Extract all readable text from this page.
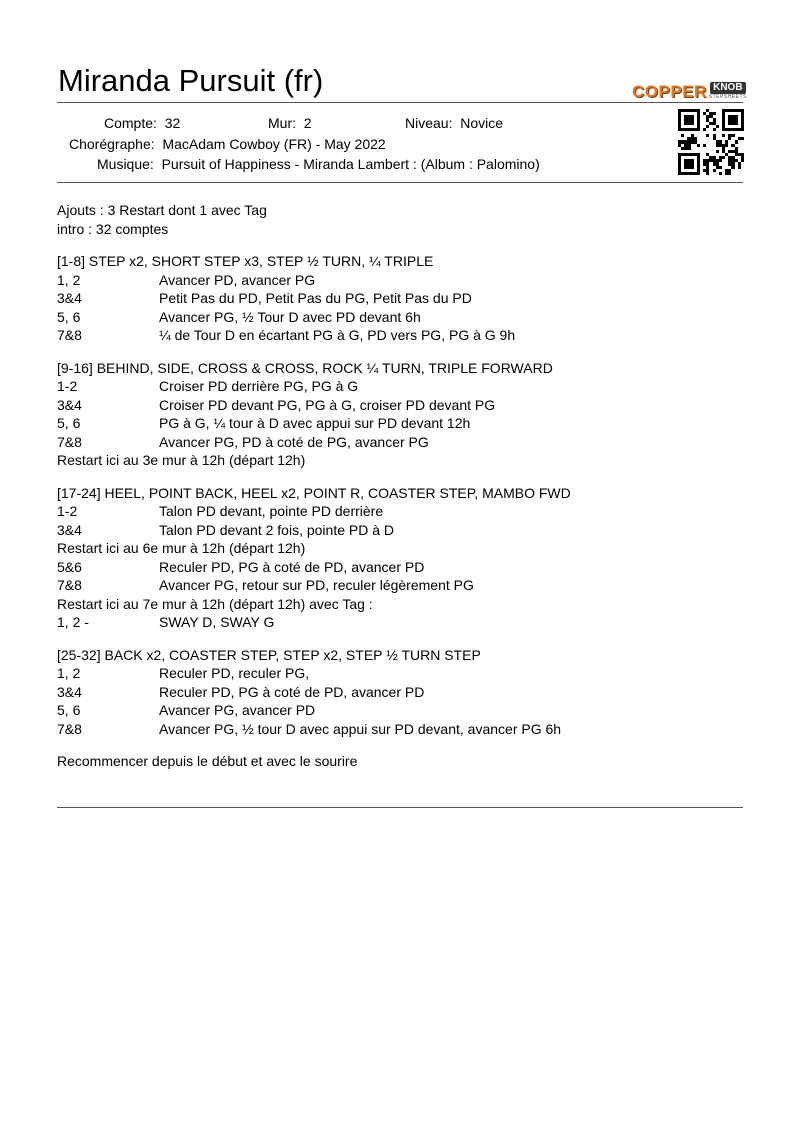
Miranda Pursuit (fr)	COPPER KNOB
STEPSHEETS
Compte: 32	Mur: 2	Niveau: Novice
Chorégraphe: MacAdam Cowboy (FR) - May 2022
Musique: Pursuit of Happiness - Miranda Lambert : (Album : Palomino)
Ajouts : 3 Restart dont 1 avec Tag
intro : 32 comptes
[1-8] STEP x2, SHORT STEP x3, STEP ½ TURN, ¼ TRIPLE
1, 2	Avancer PD, avancer PG
3&4	Petit Pas du PD, Petit Pas du PG, Petit Pas du PD
5, 6	Avancer PG, ½ Tour D avec PD devant 6h
7&8	¼ de Tour D en écartant PG à G, PD vers PG, PG à G 9h
[9-16] BEHIND, SIDE, CROSS & CROSS, ROCK ¼ TURN, TRIPLE FORWARD
1-2	Croiser PD derrière PG, PG à G
3&4	Croiser PD devant PG, PG à G, croiser PD devant PG
5, 6	PG à G, ¼ tour à D avec appui sur PD devant 12h
7&8	Avancer PG, PD à coté de PG, avancer PG
Restart ici au 3e mur à 12h (départ 12h)
[17-24] HEEL, POINT BACK, HEEL x2, POINT R, COASTER STEP, MAMBO FWD
1-2	Talon PD devant, pointe PD derrière
3&4	Talon PD devant 2 fois, pointe PD à D
Restart ici au 6e mur à 12h (départ 12h)
5&6	Reculer PD, PG à coté de PD, avancer PD
7&8	Avancer PG, retour sur PD, reculer légèrement PG
Restart ici au 7e mur à 12h (départ 12h) avec Tag :
1, 2 -	SWAY D, SWAY G
[25-32] BACK x2, COASTER STEP, STEP x2, STEP ½ TURN STEP
1, 2	Reculer PD, reculer PG,
3&4	Reculer PD, PG à coté de PD, avancer PD
5, 6	Avancer PG, avancer PD
7&8	Avancer PG, ½ tour D avec appui sur PD devant, avancer PG 6h
Recommencer depuis le début et avec le sourire
